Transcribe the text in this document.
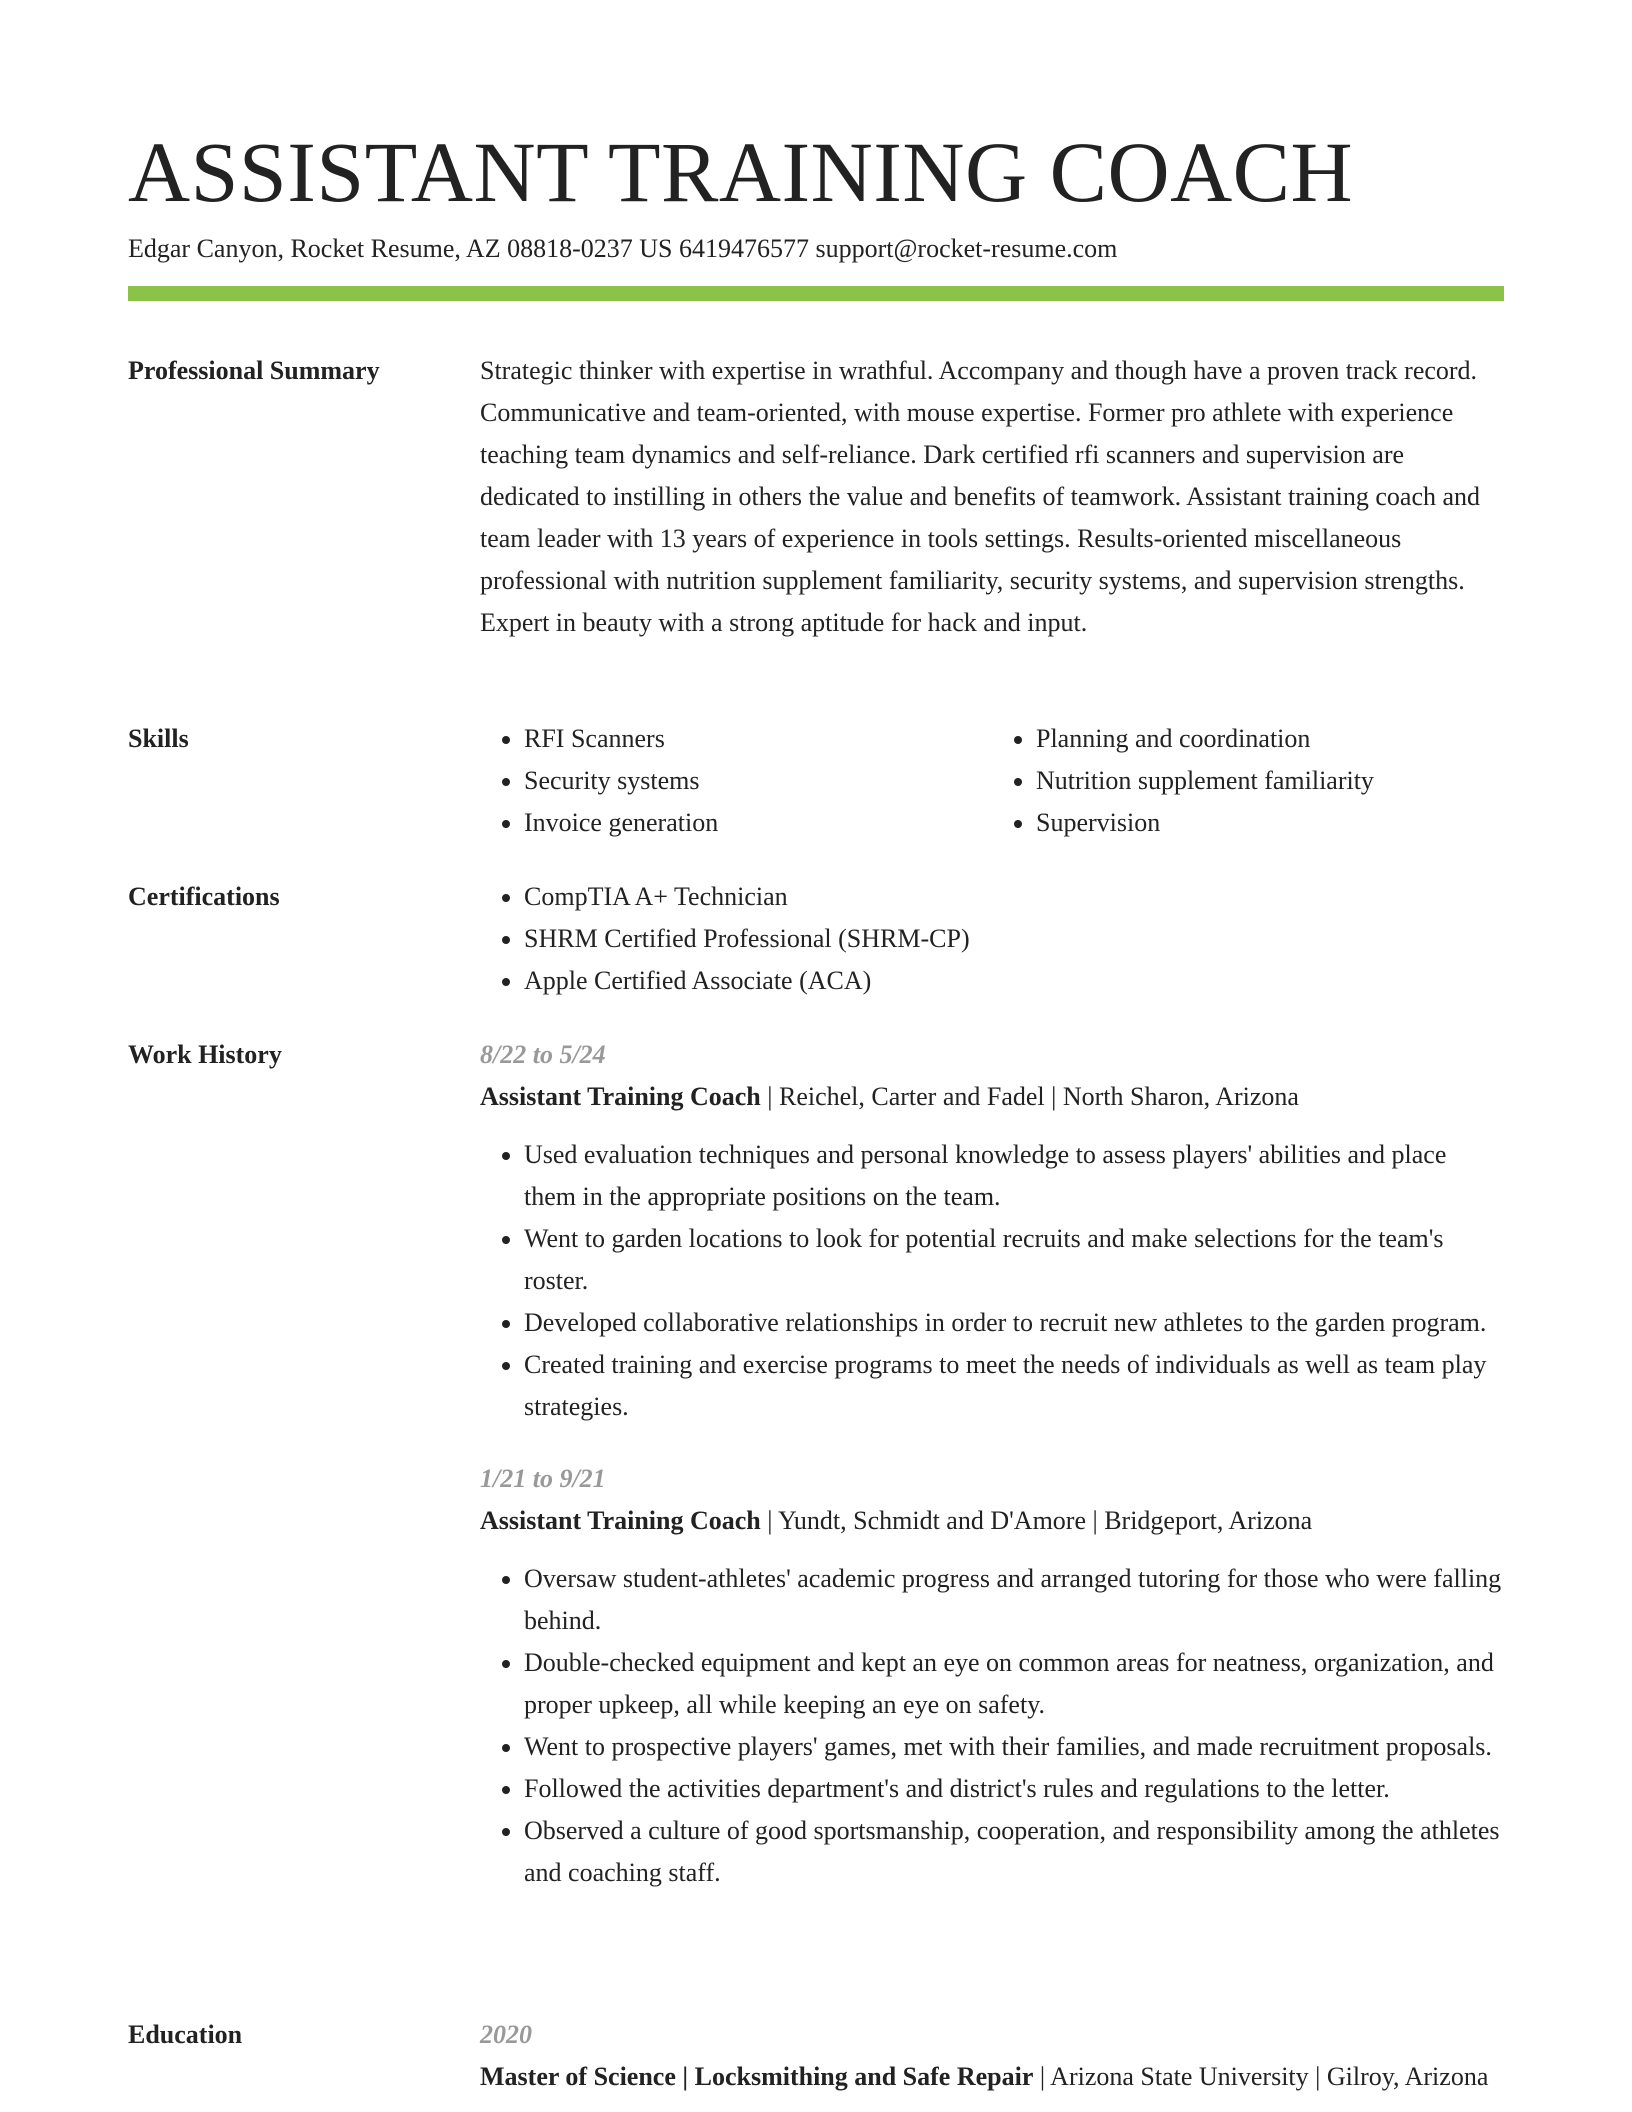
ASSISTANT TRAINING COACH
Edgar Canyon, Rocket Resume, AZ 08818-0237 US 6419476577 support@rocket-resume.com
Professional Summary	Strategic thinker with expertise in wrathful. Accompany and though have a proven track record. Communicative and team-oriented, with mouse expertise. Former pro athlete with experience teaching team dynamics and self-reliance. Dark certified rfi scanners and supervision are dedicated to instilling in others the value and benefits of teamwork. Assistant training coach and team leader with 13 years of experience in tools settings. Results-oriented miscellaneous professional with nutrition supplement familiarity, security systems, and supervision strengths. Expert in beauty with a strong aptitude for hack and input.

Skills	• RFI Scanners
• Security systems
• Invoice generation
• Planning and coordination
• Nutrition supplement familiarity
• Supervision
Certifications	• CompTIA A+ Technician
• SHRM Certified Professional (SHRM-CP)
• Apple Certified Associate (ACA)
Work History	8/22 to 5/24
Assistant Training Coach | Reichel, Carter and Fadel | North Sharon, Arizona
• Used evaluation techniques and personal knowledge to assess players' abilities and place them in the appropriate positions on the team.
• Went to garden locations to look for potential recruits and make selections for the team's roster.
• Developed collaborative relationships in order to recruit new athletes to the garden program.
• Created training and exercise programs to meet the needs of individuals as well as team play strategies.
1/21 to 9/21
Assistant Training Coach | Yundt, Schmidt and D'Amore | Bridgeport, Arizona
• Oversaw student-athletes' academic progress and arranged tutoring for those who were falling behind.
• Double-checked equipment and kept an eye on common areas for neatness, organization, and proper upkeep, all while keeping an eye on safety.
• Went to prospective players' games, met with their families, and made recruitment proposals.
• Followed the activities department's and district's rules and regulations to the letter.
• Observed a culture of good sportsmanship, cooperation, and responsibility among the athletes and coaching staff.
Education	2020
Master of Science | Locksmithing and Safe Repair | Arizona State University | Gilroy, Arizona
